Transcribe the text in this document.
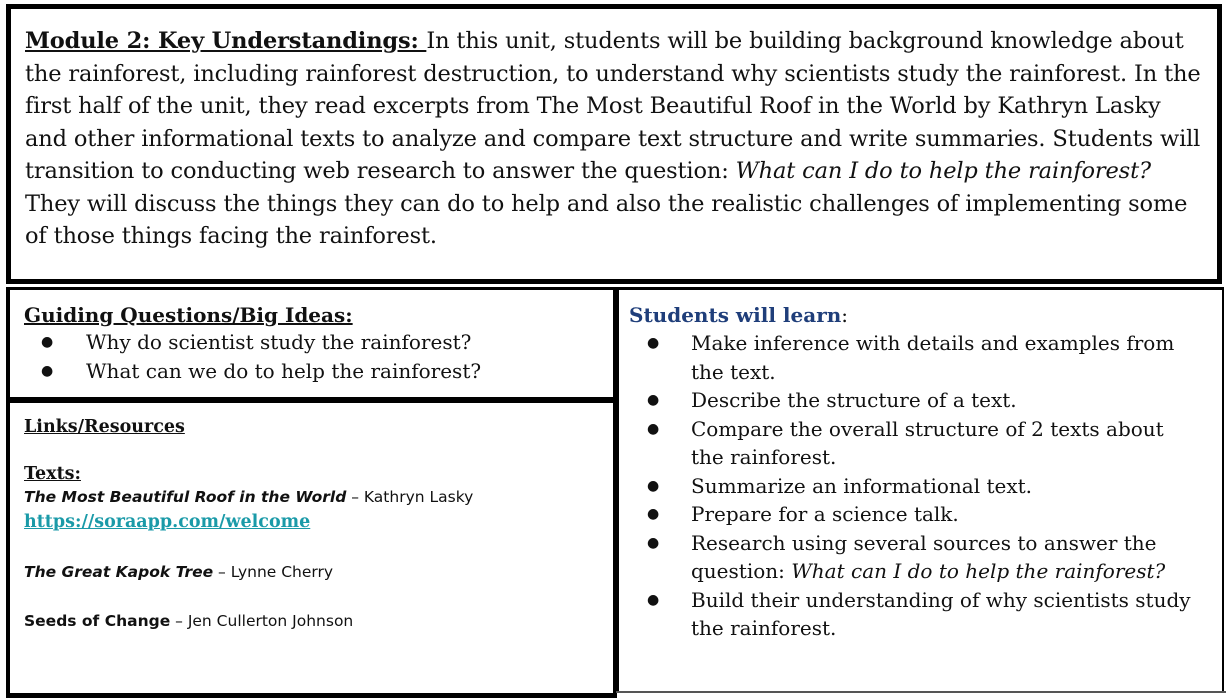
Module 2: Key Understandings: In this unit, students will be building background knowledge about the rainforest, including rainforest destruction, to understand why scientists study the rainforest. In the first half of the unit, they read excerpts from The Most Beautiful Roof in the World by Kathryn Lasky and other informational texts to analyze and compare text structure and write summaries. Students will transition to conducting web research to answer the question: What can I do to help the rainforest? They will discuss the things they can do to help and also the realistic challenges of implementing some of those things facing the rainforest.
Guiding Questions/Big Ideas:
● Why do scientist study the rainforest?
● What can we do to help the rainforest?
Links/Resources
Texts:
The Most Beautiful Roof in the World – Kathryn Lasky
https://soraapp.com/welcome
The Great Kapok Tree – Lynne Cherry
Seeds of Change – Jen Cullerton Johnson
Students will learn:
● Make inference with details and examples from the text.
● Describe the structure of a text.
● Compare the overall structure of 2 texts about the rainforest.
● Summarize an informational text.
● Prepare for a science talk.
● Research using several sources to answer the question: What can I do to help the rainforest?
● Build their understanding of why scientists study the rainforest.
